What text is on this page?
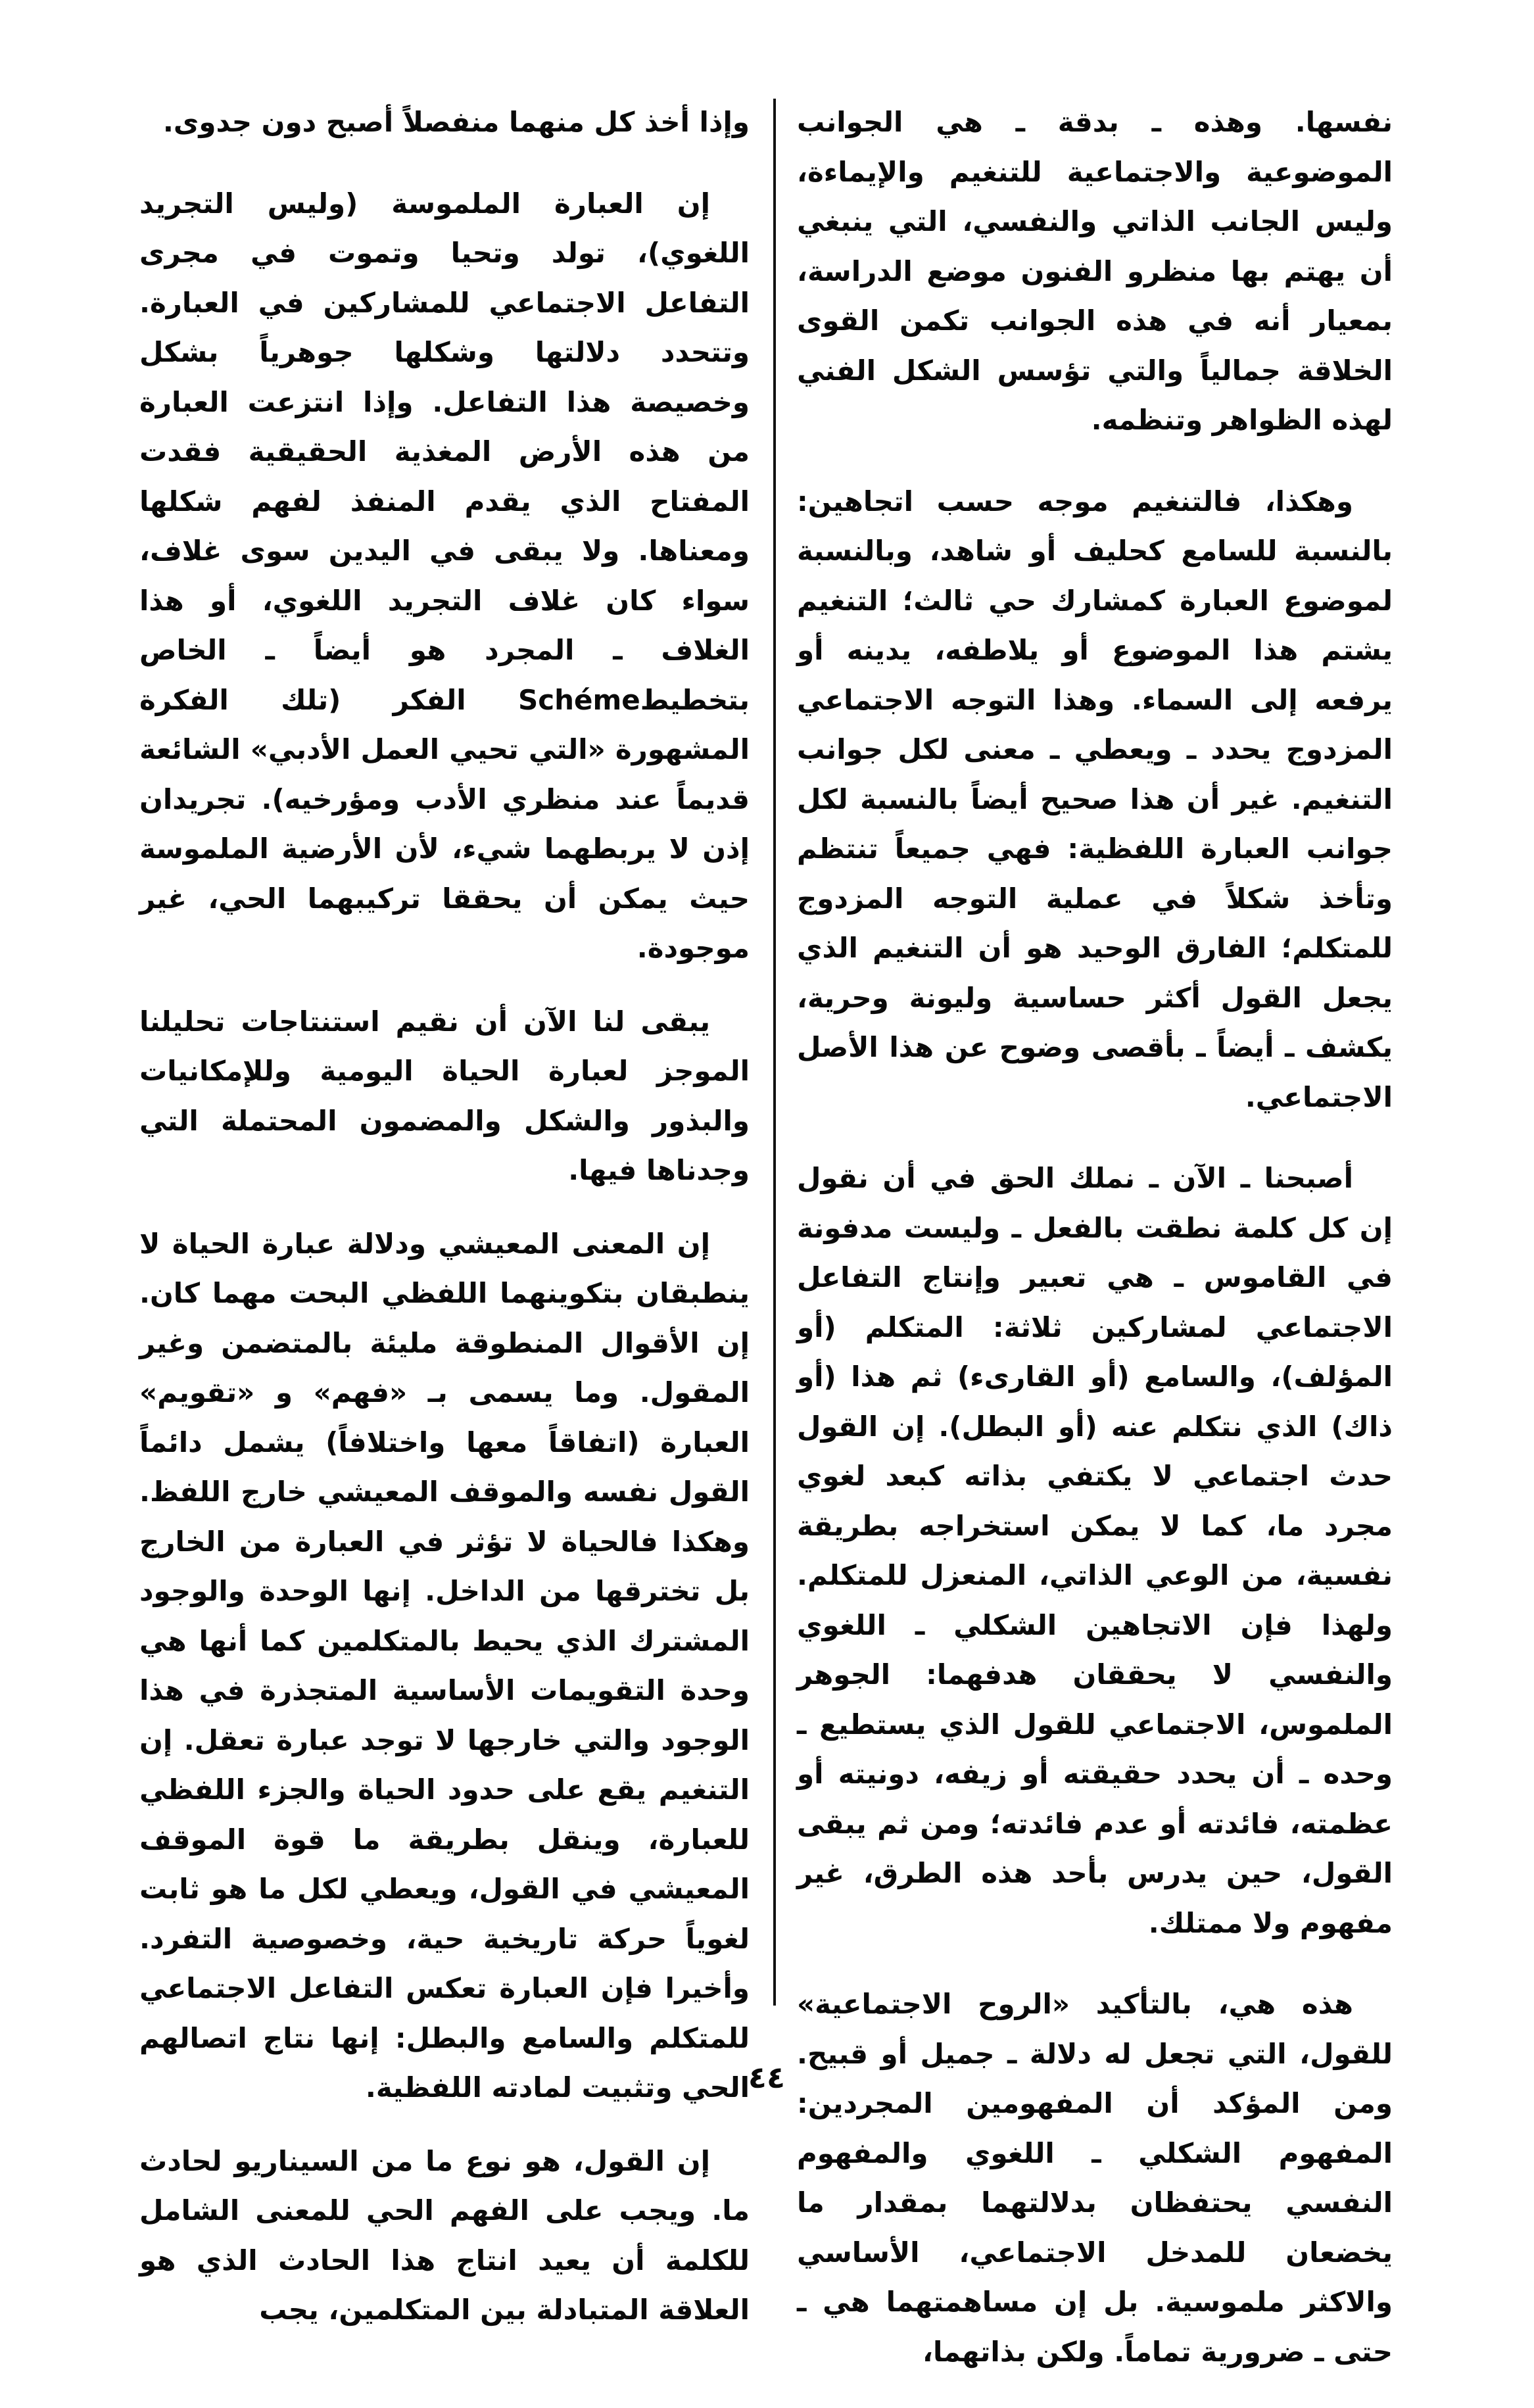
نفسها. وهذه ـ بدقة ـ هي الجوانب الموضوعية والاجتماعية للتنغيم والإيماءة، وليس الجانب الذاتي والنفسي، التي ينبغي أن يهتم بها منظرو الفنون موضع الدراسة، بمعيار أنه في هذه الجوانب تكمن القوى الخلاقة جمالياً والتي تؤسس الشكل الفني لهذه الظواهر وتنظمه.

وهكذا، فالتنغيم موجه حسب اتجاهين: بالنسبة للسامع كحليف أو شاهد، وبالنسبة لموضوع العبارة كمشارك حي ثالث؛ التنغيم يشتم هذا الموضوع أو يلاطفه، يدينه أو يرفعه إلى السماء. وهذا التوجه الاجتماعي المزدوج يحدد ـ ويعطي ـ معنى لكل جوانب التنغيم. غير أن هذا صحيح أيضاً بالنسبة لكل جوانب العبارة اللفظية: فهي جميعاً تنتظم وتأخذ شكلاً في عملية التوجه المزدوج للمتكلم؛ الفارق الوحيد هو أن التنغيم الذي يجعل القول أكثر حساسية وليونة وحرية، يكشف ـ أيضاً ـ بأقصى وضوح عن هذا الأصل الاجتماعي.

أصبحنا ـ الآن ـ نملك الحق في أن نقول إن كل كلمة نطقت بالفعل ـ وليست مدفونة في القاموس ـ هي تعبير وإنتاج التفاعل الاجتماعي لمشاركين ثلاثة: المتكلم (أو المؤلف)، والسامع (أو القارىء) ثم هذا (أو ذاك) الذي نتكلم عنه (أو البطل). إن القول حدث اجتماعي لا يكتفي بذاته كبعد لغوي مجرد ما، كما لا يمكن استخراجه بطريقة نفسية، من الوعي الذاتي، المنعزل للمتكلم. ولهذا فإن الاتجاهين الشكلي ـ اللغوي والنفسي لا يحققان هدفهما: الجوهر الملموس، الاجتماعي للقول الذي يستطيع ـ وحده ـ أن يحدد حقيقته أو زيفه، دونيته أو عظمته، فائدته أو عدم فائدته؛ ومن ثم يبقى القول، حين يدرس بأحد هذه الطرق، غير مفهوم ولا ممتلك.

هذه هي، بالتأكيد «الروح الاجتماعية» للقول، التي تجعل له دلالة ـ جميل أو قبيح. ومن المؤكد أن المفهومين المجردين: المفهوم الشكلي ـ اللغوي والمفهوم النفسي يحتفظان بدلالتهما بمقدار ما يخضعان للمدخل الاجتماعي، الأساسي والاكثر ملموسية. بل إن مساهمتهما هي ـ حتى ـ ضرورية تماماً. ولكن بذاتهما،

وإذا أخذ كل منهما منفصلاً أصبح دون جدوى.

إن العبارة الملموسة (وليس التجريد اللغوي)، تولد وتحيا وتموت في مجرى التفاعل الاجتماعي للمشاركين في العبارة. وتتحدد دلالتها وشكلها جوهرياً بشكل وخصيصة هذا التفاعل. وإذا انتزعت العبارة من هذه الأرض المغذية الحقيقية فقدت المفتاح الذي يقدم المنفذ لفهم شكلها ومعناها. ولا يبقى في اليدين سوى غلاف، سواء كان غلاف التجريد اللغوي، أو هذا الغلاف ـ المجرد هو أيضاً ـ الخاص بتخطيطSchéme الفكر (تلك الفكرة المشهورة «التي تحيي العمل الأدبي» الشائعة قديماً عند منظري الأدب ومؤرخيه). تجريدان إذن لا يربطهما شيء، لأن الأرضية الملموسة حيث يمكن أن يحققا تركيبهما الحي، غير موجودة.

يبقى لنا الآن أن نقيم استنتاجات تحليلنا الموجز لعبارة الحياة اليومية وللإمكانيات والبذور والشكل والمضمون المحتملة التي وجدناها فيها.

إن المعنى المعيشي ودلالة عبارة الحياة لا ينطبقان بتكوينهما اللفظي البحت مهما كان. إن الأقوال المنطوقة مليئة بالمتضمن وغير المقول. وما يسمى بـ «فهم» و «تقويم» العبارة (اتفاقاً معها واختلافاً) يشمل دائماً القول نفسه والموقف المعيشي خارج اللفظ. وهكذا فالحياة لا تؤثر في العبارة من الخارج بل تخترقها من الداخل. إنها الوحدة والوجود المشترك الذي يحيط بالمتكلمين كما أنها هي وحدة التقويمات الأساسية المتجذرة في هذا الوجود والتي خارجها لا توجد عبارة تعقل. إن التنغيم يقع على حدود الحياة والجزء اللفظي للعبارة، وينقل بطريقة ما قوة الموقف المعيشي في القول، ويعطي لكل ما هو ثابت لغوياً حركة تاريخية حية، وخصوصية التفرد. وأخيرا فإن العبارة تعكس التفاعل الاجتماعي للمتكلم والسامع والبطل: إنها نتاج اتصالهم الحي وتثبيت لمادته اللفظية.

إن القول، هو نوع ما من السيناريو لحادث ما. ويجب على الفهم الحي للمعنى الشامل للكلمة أن يعيد انتاج هذا الحادث الذي هو العلاقة المتبادلة بين المتكلمين، يجب

٤٤
